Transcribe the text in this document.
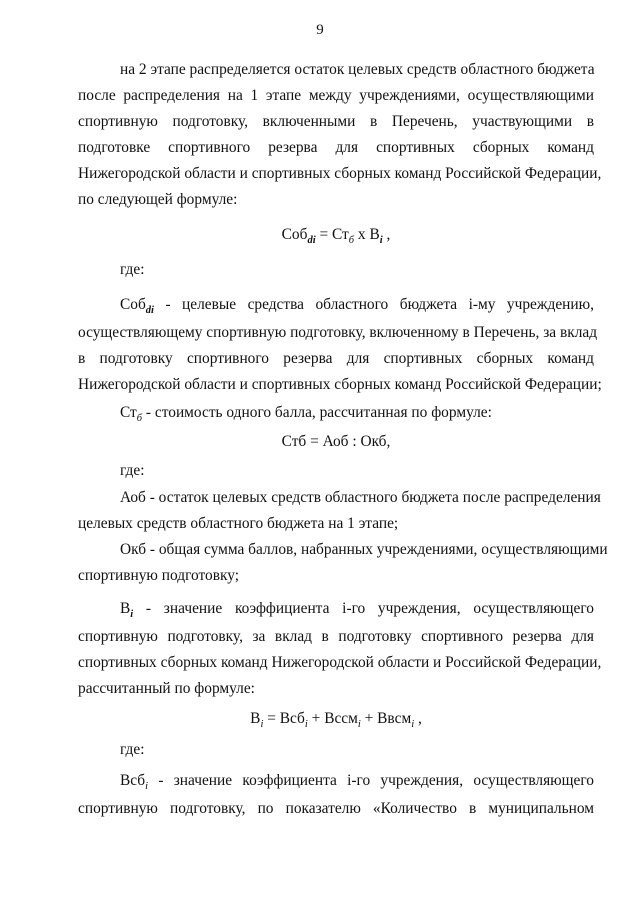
9
на 2 этапе распределяется остаток целевых средств областного бюджета
после распределения на 1 этапе между учреждениями, осуществляющими
спортивную подготовку, включенными в Перечень, участвующими в
подготовке спортивного резерва для спортивных сборных команд
Нижегородской области и спортивных сборных команд Российской Федерации,
по следующей формуле:
$Соб_{di} = Ст_б$ x $В_i$ ,
где:
Соб$_{di}$ - целевые средства областного бюджета i-му учреждению,
осуществляющему спортивную подготовку, включенному в Перечень, за вклад
в подготовку спортивного резерва для спортивных сборных команд
Нижегородской области и спортивных сборных команд Российской Федерации;
$Ст_б$ - стоимость одного балла, рассчитанная по формуле:
Стб = Аоб : Окб,
где:
Аоб - остаток целевых средств областного бюджета после распределения
целевых средств областного бюджета на 1 этапе;
Окб - общая сумма баллов, набранных учреждениями, осуществляющими
спортивную подготовку;
$В_i$ - значение коэффициента i-го учреждения, осуществляющего
спортивную подготовку, за вклад в подготовку спортивного резерва для
спортивных сборных команд Нижегородской области и Российской Федерации,
рассчитанный по формуле:
$В_i = Всб_i$ + Всcм$_i$ + Ввсм$_i$ ,
где:
Всб$_i$ - значение коэффициента i-го учреждения, осуществляющего
спортивную подготовку, по показателю «Количество в муниципальном
